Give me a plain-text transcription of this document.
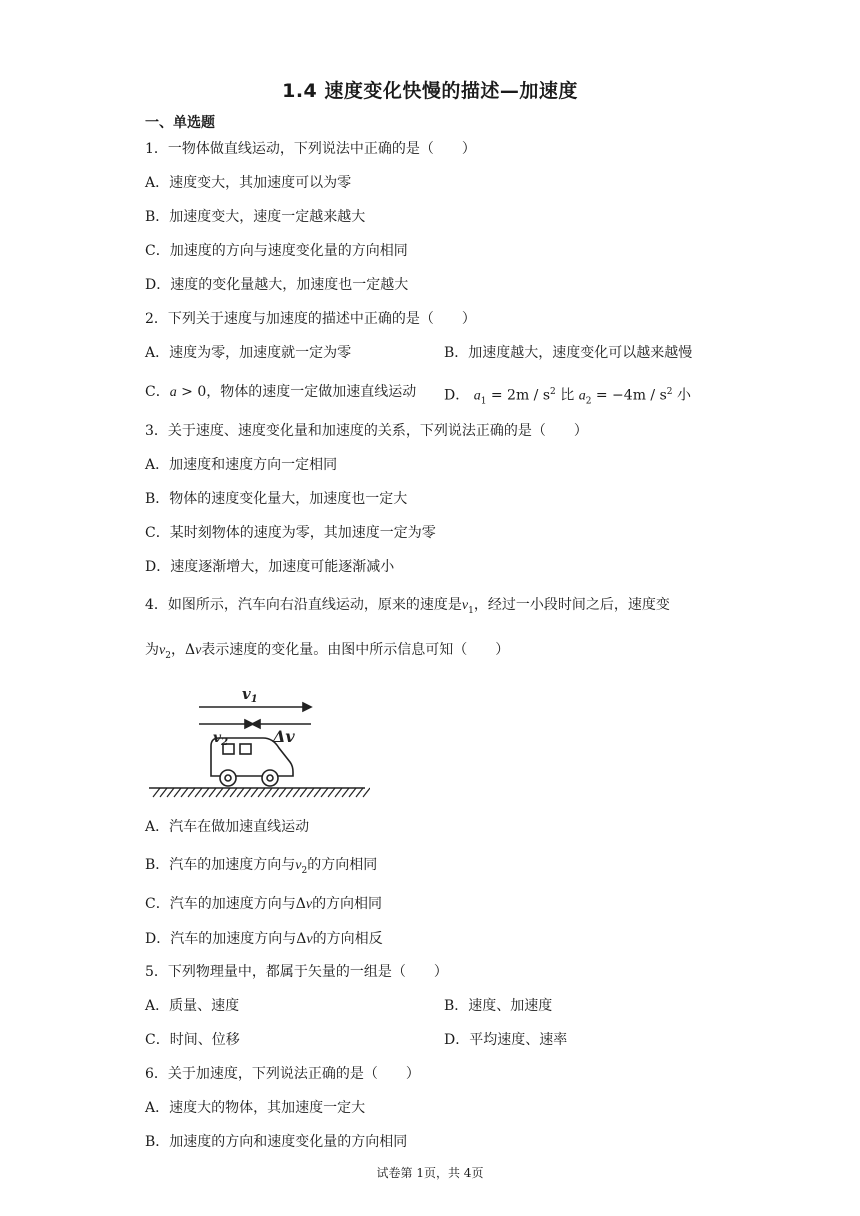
1.4 速度变化快慢的描述—加速度
一、单选题
1．一物体做直线运动，下列说法中正确的是（　　）
A．速度变大，其加速度可以为零
B．加速度变大，速度一定越来越大
C．加速度的方向与速度变化量的方向相同
D．速度的变化量越大，加速度也一定越大
2．下列关于速度与加速度的描述中正确的是（　　）
A．速度为零，加速度就一定为零	B．加速度越大，速度变化可以越来越慢
C．a > 0，物体的速度一定做加速直线运动 D． $a_1 = 2m / s^2$ 比 $a_2 = -4m / s^2$ 小
3．关于速度、速度变化量和加速度的关系，下列说法正确的是（　　）
A．加速度和速度方向一定相同
B．物体的速度变化量大，加速度也一定大
C．某时刻物体的速度为零，其加速度一定为零
D．速度逐渐增大，加速度可能逐渐减小
4．如图所示，汽车向右沿直线运动，原来的速度是$v_1$，经过一小段时间之后，速度变
为$v_2$，Δv表示速度的变化量。由图中所示信息可知（　　）
$v_1$
$v_2$	Δv
A．汽车在做加速直线运动
B．汽车的加速度方向与$v_2$的方向相同
C．汽车的加速度方向与Δv的方向相同
D．汽车的加速度方向与Δv的方向相反
5．下列物理量中，都属于矢量的一组是（　　）
A．质量、速度	B．速度、加速度
C．时间、位移	D．平均速度、速率
6．关于加速度，下列说法正确的是（　　）
A．速度大的物体，其加速度一定大
B．加速度的方向和速度变化量的方向相同
试卷第 1页，共 4页
